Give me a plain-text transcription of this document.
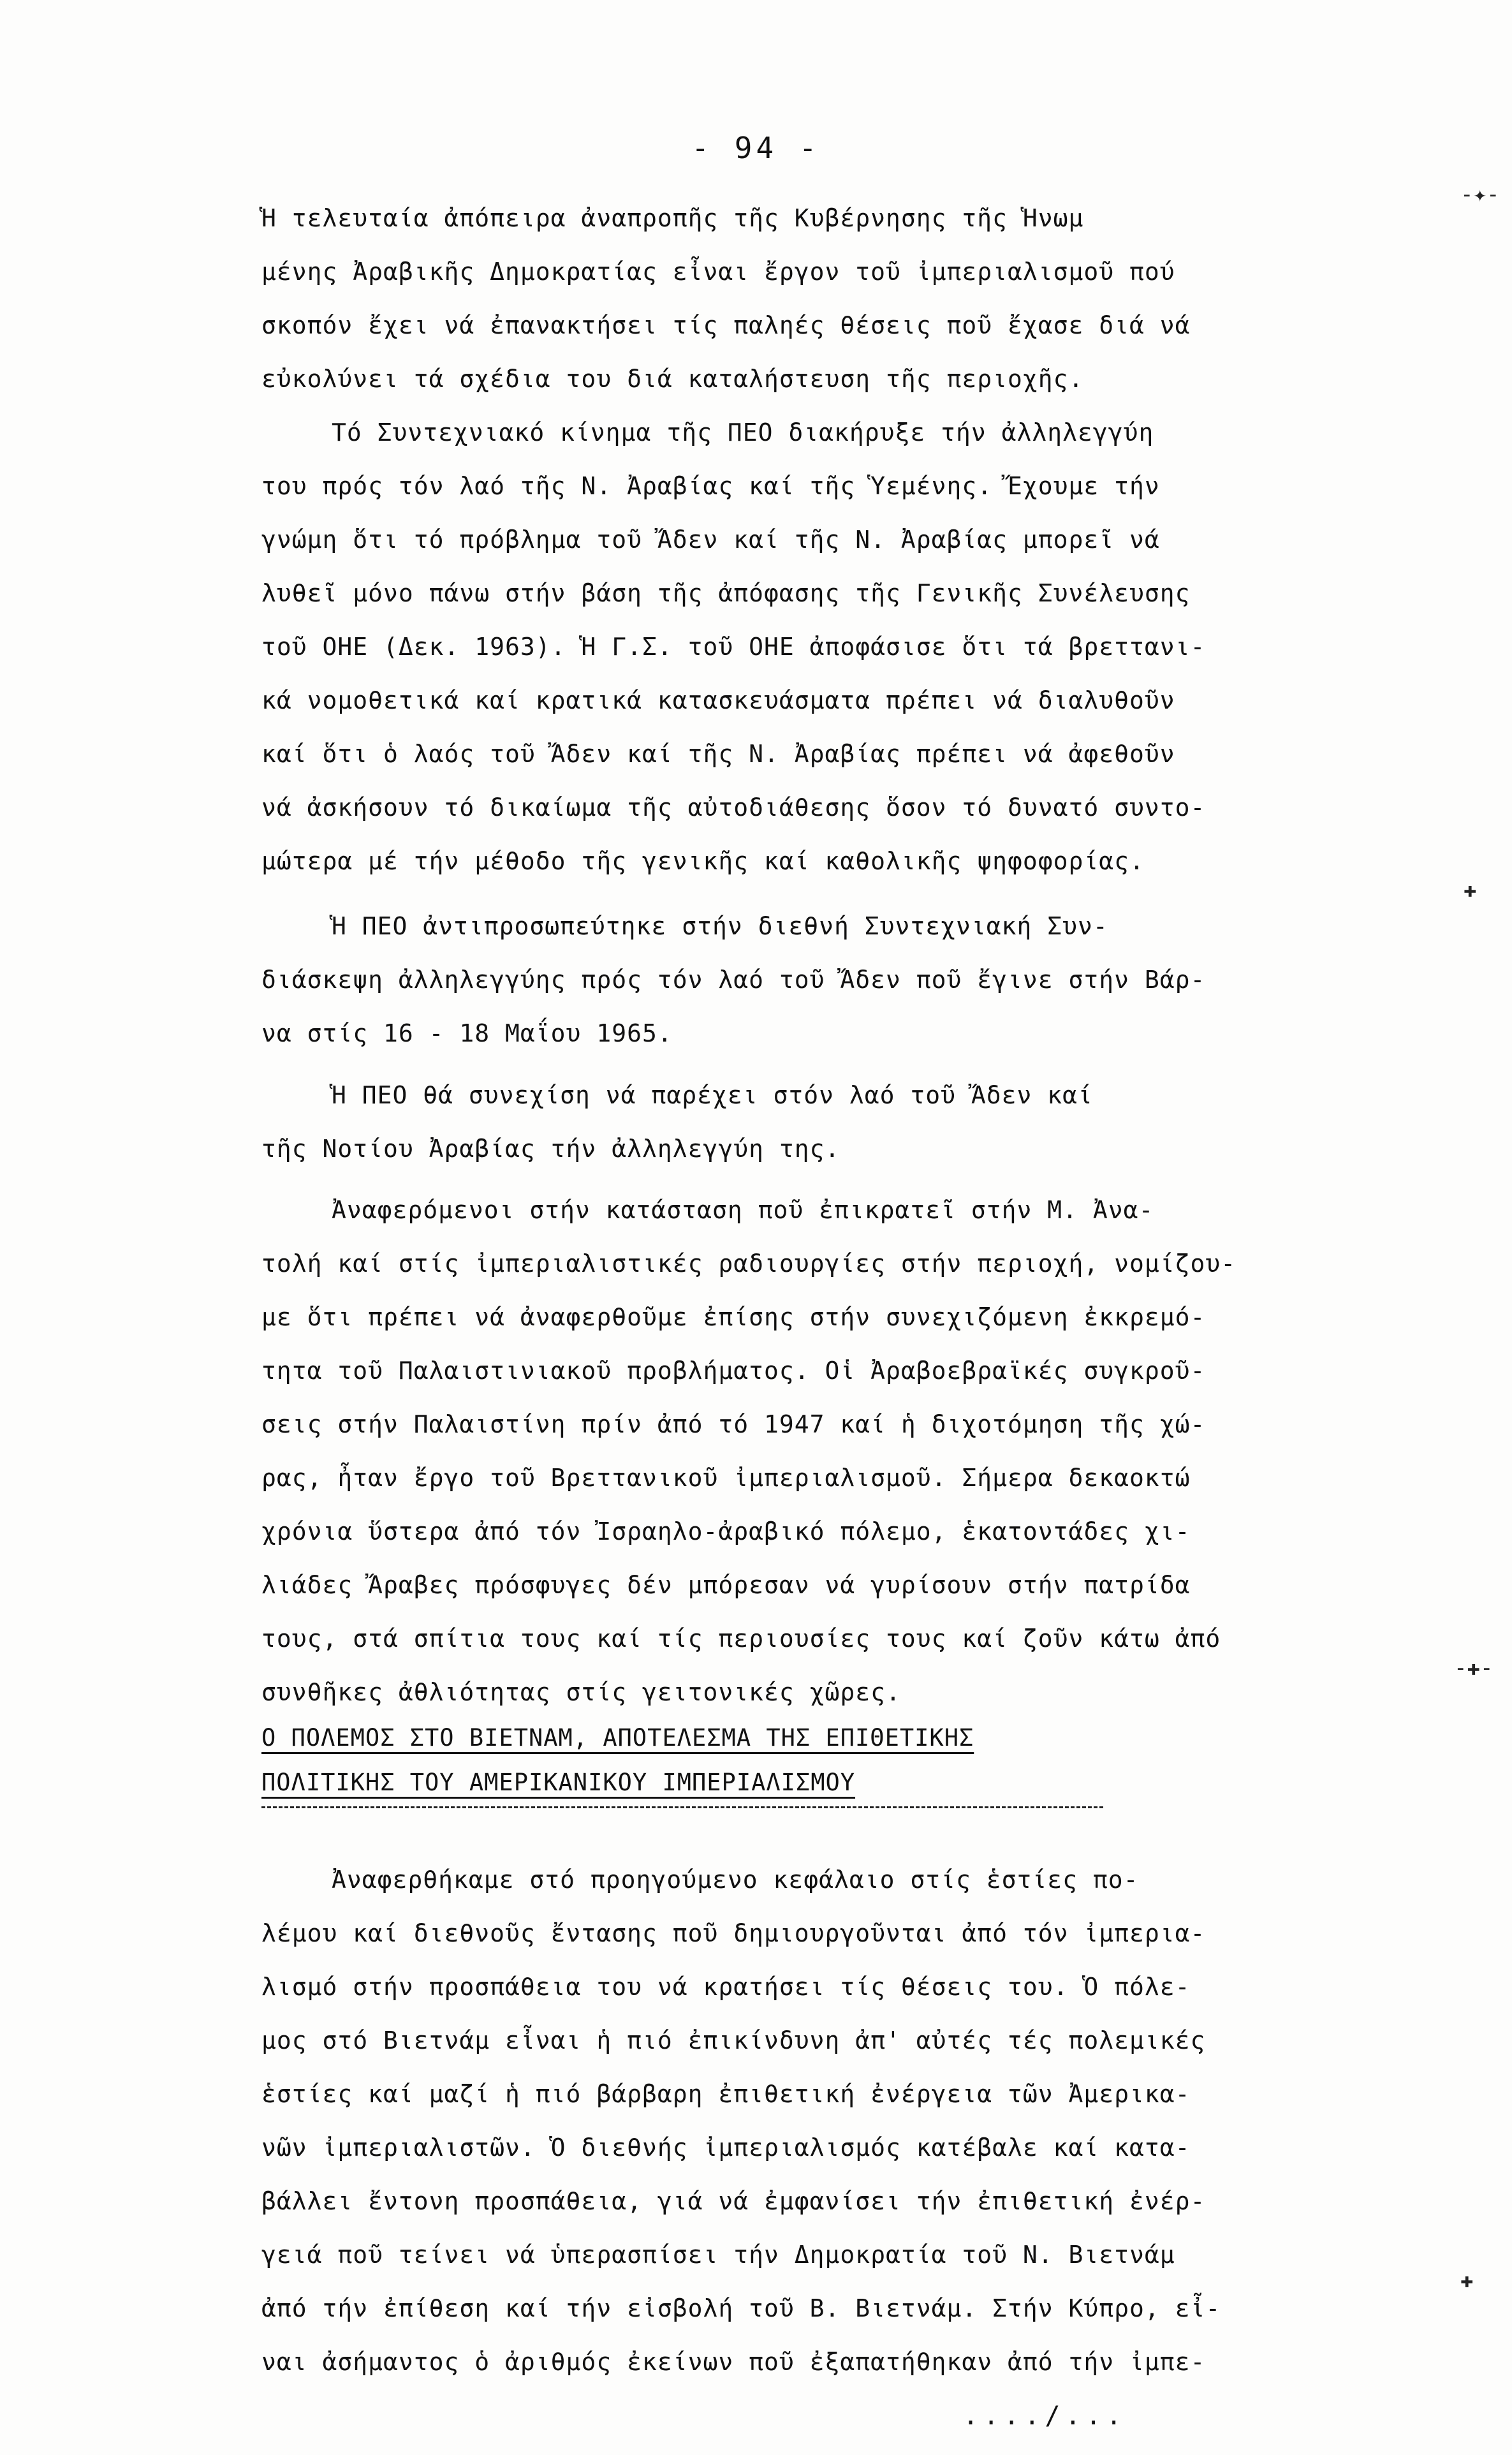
- 94 -
Ἡ τελευταία ἀπόπειρα ἀναπροπῆς τῆς Κυβέρνησης τῆς Ἡνωμ
μένης Ἀραβικῆς Δημοκρατίας εἶναι ἔργον τοῦ ἰμπεριαλισμοῦ πού
σκοπόν ἔχει νά ἐπανακτήσει τίς παληές θέσεις ποῦ ἔχασε διά νά
εὐκολύνει τά σχέδια του διά καταλήστευση τῆς περιοχῆς.
Τό Συντεχνιακό κίνημα τῆς ΠΕΟ διακήρυξε τήν ἀλληλεγγύη
του πρός τόν λαό τῆς Ν. Ἀραβίας καί τῆς Ὑεμένης. Ἔχουμε τήν
γνώμη ὅτι τό πρόβλημα τοῦ Ἄδεν καί τῆς Ν. Ἀραβίας μπορεῖ νά
λυθεῖ μόνο πάνω στήν βάση τῆς ἀπόφασης τῆς Γενικῆς Συνέλευσης
τοῦ ΟΗΕ (Δεκ. 1963). Ἡ Γ.Σ. τοῦ ΟΗΕ ἀποφάσισε ὅτι τά βρεττανι-
κά νομοθετικά καί κρατικά κατασκευάσματα πρέπει νά διαλυθοῦν
καί ὅτι ὁ λαός τοῦ Ἄδεν καί τῆς Ν. Ἀραβίας πρέπει νά ἀφεθοῦν
νά ἀσκήσουν τό δικαίωμα τῆς αὐτοδιάθεσης ὅσον τό δυνατό συντο-
μώτερα μέ τήν μέθοδο τῆς γενικῆς καί καθολικῆς ψηφοφορίας.
Ἡ ΠΕΟ ἀντιπροσωπεύτηκε στήν διεθνή Συντεχνιακή Συν-
διάσκεψη ἀλληλεγγύης πρός τόν λαό τοῦ Ἄδεν ποῦ ἔγινε στήν Βάρ-
να στίς 16 - 18 Μαΐου 1965.
Ἡ ΠΕΟ θά συνεχίση νά παρέχει στόν λαό τοῦ Ἄδεν καί
τῆς Νοτίου Ἀραβίας τήν ἀλληλεγγύη της.
Ἀναφερόμενοι στήν κατάσταση ποῦ ἐπικρατεῖ στήν Μ. Ἀνα-
τολή καί στίς ἰμπεριαλιστικές ραδιουργίες στήν περιοχή, νομίζου-
με ὅτι πρέπει νά ἀναφερθοῦμε ἐπίσης στήν συνεχιζόμενη ἐκκρεμό-
τητα τοῦ Παλαιστινιακοῦ προβλήματος. Οἱ Ἀραβοεβραϊκές συγκροῦ-
σεις στήν Παλαιστίνη πρίν ἀπό τό 1947 καί ἡ διχοτόμηση τῆς χώ-
ρας, ἦταν ἔργο τοῦ Βρεττανικοῦ ἰμπεριαλισμοῦ. Σήμερα δεκαοκτώ
χρόνια ὕστερα ἀπό τόν Ἰσραηλο-ἀραβικό πόλεμο, ἑκατοντάδες χι-
λιάδες Ἄραβες πρόσφυγες δέν μπόρεσαν νά γυρίσουν στήν πατρίδα
τους, στά σπίτια τους καί τίς περιουσίες τους καί ζοῦν κάτω ἀπό
συνθῆκες ἀθλιότητας στίς γειτονικές χῶρες.
Ο ΠΟΛΕΜΟΣ ΣΤΟ ΒΙΕΤΝΑΜ, ΑΠΟΤΕΛΕΣΜΑ ΤΗΣ ΕΠΙΘΕΤΙΚΗΣ
ΠΟΛΙΤΙΚΗΣ ΤΟΥ ΑΜΕΡΙΚΑΝΙΚΟΥ ΙΜΠΕΡΙΑΛΙΣΜΟΥ
Ἀναφερθήκαμε στό προηγούμενο κεφάλαιο στίς ἑστίες πο-
λέμου καί διεθνοῦς ἔντασης ποῦ δημιουργοῦνται ἀπό τόν ἰμπερια-
λισμό στήν προσπάθεια του νά κρατήσει τίς θέσεις του. Ὁ πόλε-
μος στό Βιετνάμ εἶναι ἡ πιό ἐπικίνδυνη ἀπ' αὐτές τές πολεμικές
ἑστίες καί μαζί ἡ πιό βάρβαρη ἐπιθετική ἐνέργεια τῶν Ἀμερικα-
νῶν ἰμπεριαλιστῶν. Ὁ διεθνής ἰμπεριαλισμός κατέβαλε καί κατα-
βάλλει ἔντονη προσπάθεια, γιά νά ἐμφανίσει τήν ἐπιθετική ἐνέρ-
γειά ποῦ τείνει νά ὑπερασπίσει τήν Δημοκρατία τοῦ Ν. Βιετνάμ
ἀπό τήν ἐπίθεση καί τήν εἰσβολή τοῦ Β. Βιετνάμ. Στήν Κύπρο, εἶ-
ναι ἀσήμαντος ὁ ἀριθμός ἐκείνων ποῦ ἐξαπατήθηκαν ἀπό τήν ἰμπε-
..../...
-✦-
✚
-✚-
✚
